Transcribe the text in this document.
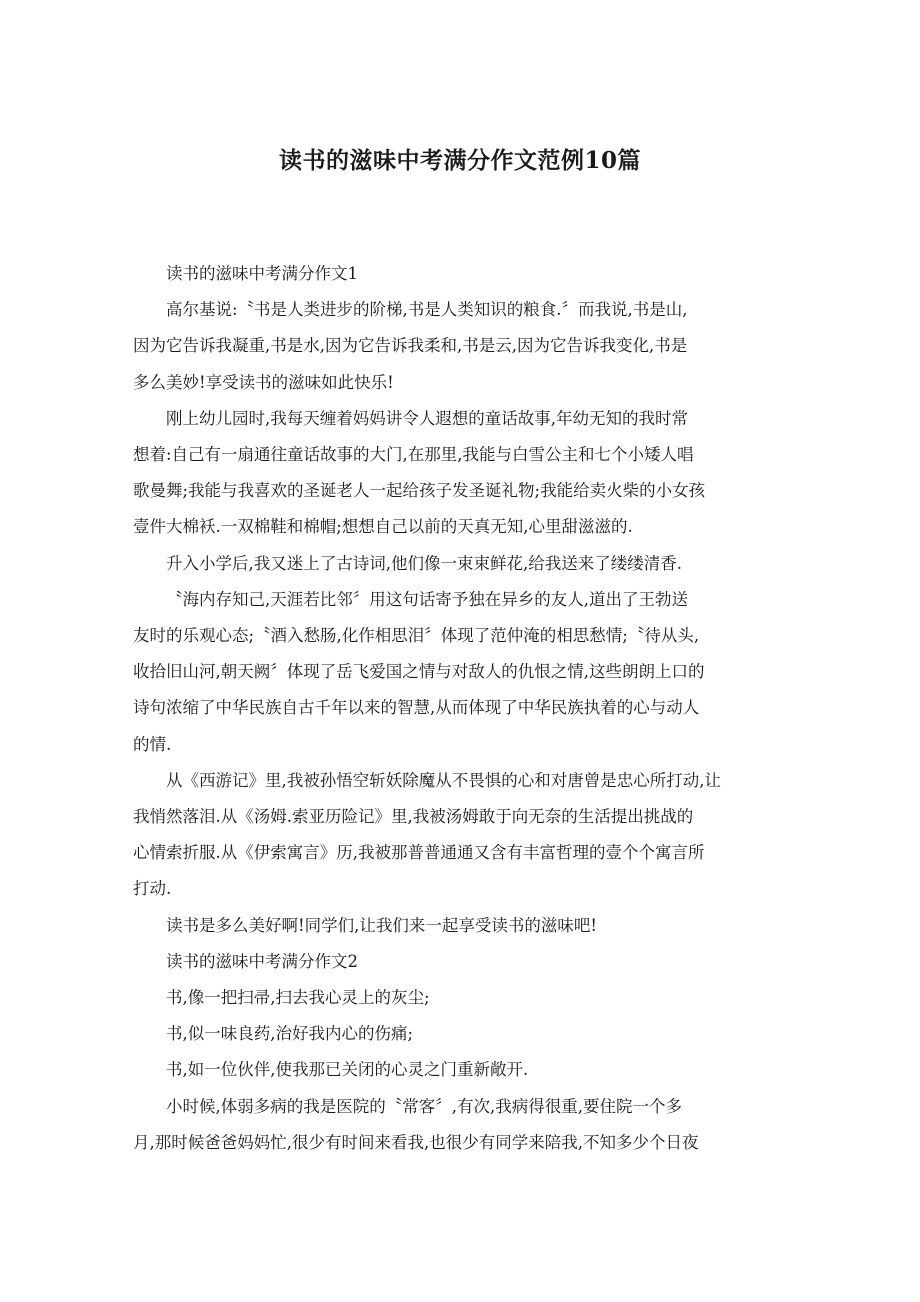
读书的滋味中考满分作文范例10篇

读书的滋味中考满分作文1

高尔基说:〝书是人类进步的阶梯,书是人类知识的粮食.〞而我说,书是山,
因为它告诉我凝重,书是水,因为它告诉我柔和,书是云,因为它告诉我变化,书是
多么美妙!享受读书的滋味如此快乐!

刚上幼儿园时,我每天缠着妈妈讲令人遐想的童话故事,年幼无知的我时常
想着:自己有一扇通往童话故事的大门,在那里,我能与白雪公主和七个小矮人唱
歌曼舞;我能与我喜欢的圣诞老人一起给孩子发圣诞礼物;我能给卖火柴的小女孩
壹件大棉袄.一双棉鞋和棉帽;想想自己以前的天真无知,心里甜滋滋的.

升入小学后,我又迷上了古诗词,他们像一束束鲜花,给我送来了缕缕清香.

〝海内存知己,天涯若比邻〞用这句话寄予独在异乡的友人,道出了王勃送
友时的乐观心态;〝酒入愁肠,化作相思泪〞体现了范仲淹的相思愁情;〝待从头,
收拾旧山河,朝天阙〞体现了岳飞爱国之情与对敌人的仇恨之情,这些朗朗上口的
诗句浓缩了中华民族自古千年以来的智慧,从而体现了中华民族执着的心与动人
的情.

从《西游记》里,我被孙悟空斩妖除魔从不畏惧的心和对唐曾是忠心所打动,让
我悄然落泪.从《汤姆.索亚历险记》里,我被汤姆敢于向无奈的生活提出挑战的
心情索折服.从《伊索寓言》历,我被那普普通通又含有丰富哲理的壹个个寓言所
打动.

读书是多么美好啊!同学们,让我们来一起享受读书的滋味吧!

读书的滋味中考满分作文2

书,像一把扫帚,扫去我心灵上的灰尘;

书,似一味良药,治好我内心的伤痛;

书,如一位伙伴,使我那已关闭的心灵之门重新敞开.

小时候,体弱多病的我是医院的〝常客〞,有次,我病得很重,要住院一个多
月,那时候爸爸妈妈忙,很少有时间来看我,也很少有同学来陪我,不知多少个日夜
